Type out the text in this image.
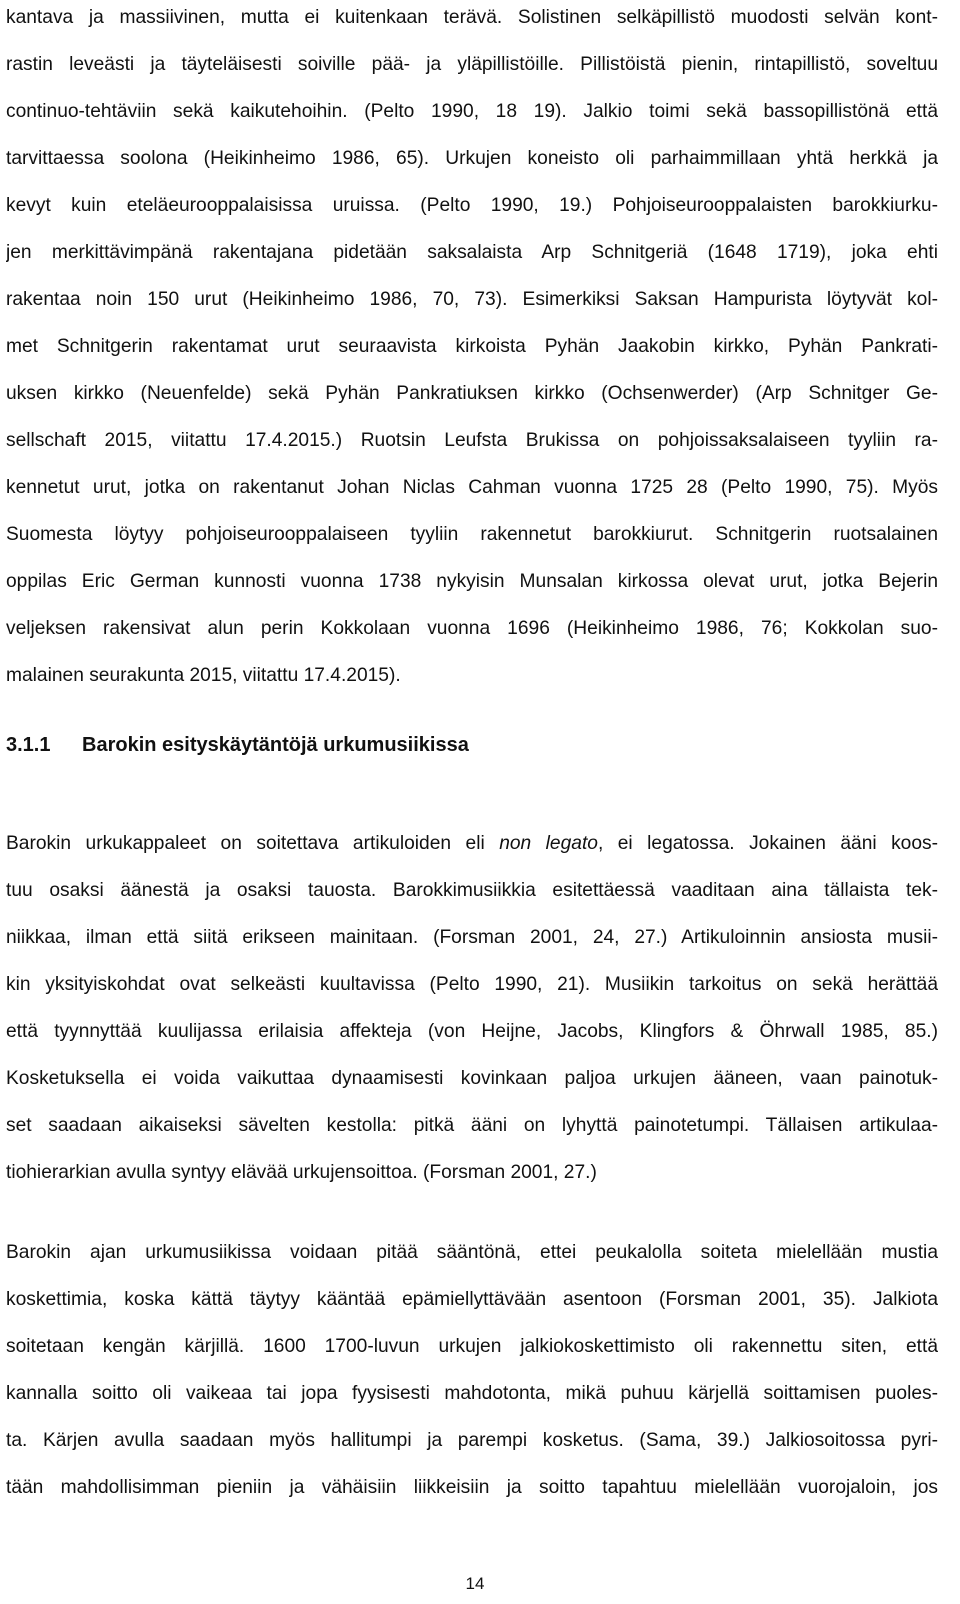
kantava ja massiivinen, mutta ei kuitenkaan terävä. Solistinen selkäpillistö muodosti selvän kont-
rastin leveästi ja täyteläisesti soiville pää- ja yläpillistöille. Pillistöistä pienin, rintapillistö, soveltuu
continuo-tehtäviin sekä kaikutehoihin. (Pelto 1990, 18 19). Jalkio toimi sekä bassopillistönä että
tarvittaessa soolona (Heikinheimo 1986, 65). Urkujen koneisto oli parhaimmillaan yhtä herkkä ja
kevyt kuin eteläeurooppalaisissa uruissa. (Pelto 1990, 19.) Pohjoiseurooppalaisten barokkiurku-
jen merkittävimpänä rakentajana pidetään saksalaista Arp Schnitgeriä (1648 1719), joka ehti
rakentaa noin 150 urut (Heikinheimo 1986, 70, 73). Esimerkiksi Saksan Hampurista löytyvät kol-
met Schnitgerin rakentamat urut seuraavista kirkoista Pyhän Jaakobin kirkko, Pyhän Pankrati-
uksen kirkko (Neuenfelde) sekä Pyhän Pankratiuksen kirkko (Ochsenwerder) (Arp Schnitger Ge-
sellschaft 2015, viitattu 17.4.2015.) Ruotsin Leufsta Brukissa on pohjoissaksalaiseen tyyliin ra-
kennetut urut, jotka on rakentanut Johan Niclas Cahman vuonna 1725 28 (Pelto 1990, 75). Myös
Suomesta löytyy pohjoiseurooppalaiseen tyyliin rakennetut barokkiurut. Schnitgerin ruotsalainen
oppilas Eric German kunnosti vuonna 1738 nykyisin Munsalan kirkossa olevat urut, jotka Bejerin
veljeksen rakensivat alun perin Kokkolaan vuonna 1696 (Heikinheimo 1986, 76; Kokkolan suo-
malainen seurakunta 2015, viitattu 17.4.2015).
3.1.1 Barokin esityskäytäntöjä urkumusiikissa
Barokin urkukappaleet on soitettava artikuloiden eli non legato, ei legatossa. Jokainen ääni koos-
tuu osaksi äänestä ja osaksi tauosta. Barokkimusiikkia esitettäessä vaaditaan aina tällaista tek-
niikkaa, ilman että siitä erikseen mainitaan. (Forsman 2001, 24, 27.) Artikuloinnin ansiosta musii-
kin yksityiskohdat ovat selkeästi kuultavissa (Pelto 1990, 21). Musiikin tarkoitus on sekä herättää
että tyynnyttää kuulijassa erilaisia affekteja (von Heijne, Jacobs, Klingfors & Öhrwall 1985, 85.)
Kosketuksella ei voida vaikuttaa dynaamisesti kovinkaan paljoa urkujen ääneen, vaan painotuk-
set saadaan aikaiseksi sävelten kestolla: pitkä ääni on lyhyttä painotetumpi. Tällaisen artikulaa-
tiohierarkian avulla syntyy elävää urkujensoittoa. (Forsman 2001, 27.)
Barokin ajan urkumusiikissa voidaan pitää sääntönä, ettei peukalolla soiteta mielellään mustia
koskettimia, koska kättä täytyy kääntää epämiellyttävään asentoon (Forsman 2001, 35). Jalkiota
soitetaan kengän kärjillä. 1600 1700-luvun urkujen jalkiokoskettimisto oli rakennettu siten, että
kannalla soitto oli vaikeaa tai jopa fyysisesti mahdotonta, mikä puhuu kärjellä soittamisen puoles-
ta. Kärjen avulla saadaan myös hallitumpi ja parempi kosketus. (Sama, 39.) Jalkiosoitossa pyri-
tään mahdollisimman pieniin ja vähäisiin liikkeisiin ja soitto tapahtuu mielellään vuorojaloin, jos
14
